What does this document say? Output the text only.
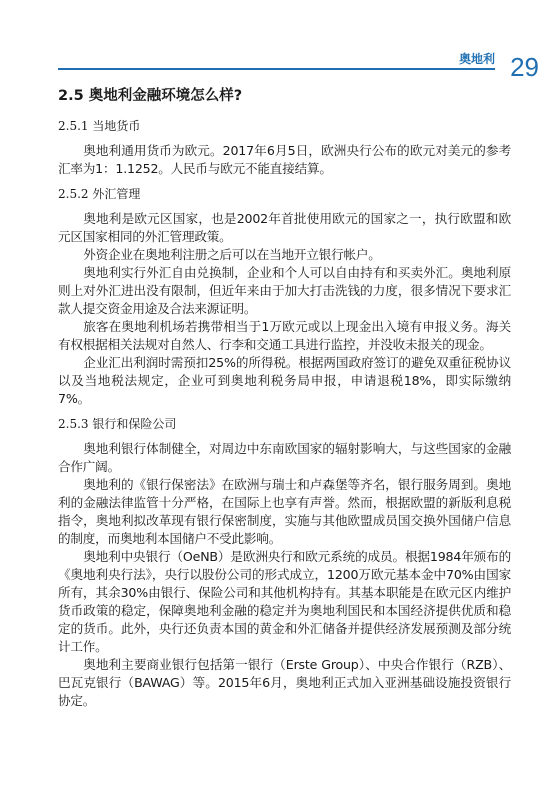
奥地利 29
2.5 奥地利金融环境怎么样?
2.5.1 当地货币

奥地利通用货币为欧元。2017年6月5日，欧洲央行公布的欧元对美元的参考汇率为1：1.1252。人民币与欧元不能直接结算。

2.5.2 外汇管理

奥地利是欧元区国家，也是2002年首批使用欧元的国家之一，执行欧盟和欧元区国家相同的外汇管理政策。

外资企业在奥地利注册之后可以在当地开立银行帐户。

奥地利实行外汇自由兑换制，企业和个人可以自由持有和买卖外汇。奥地利原则上对外汇进出没有限制，但近年来由于加大打击洗钱的力度，很多情况下要求汇款人提交资金用途及合法来源证明。

旅客在奥地利机场若携带相当于1万欧元或以上现金出入境有申报义务。海关有权根据相关法规对自然人、行李和交通工具进行监控，并没收未报关的现金。

企业汇出利润时需预扣25%的所得税。根据两国政府签订的避免双重征税协议以及当地税法规定，企业可到奥地利税务局申报，申请退税18%，即实际缴纳7%。

2.5.3 银行和保险公司

奥地利银行体制健全，对周边中东南欧国家的辐射影响大，与这些国家的金融合作广阔。

奥地利的《银行保密法》在欧洲与瑞士和卢森堡等齐名，银行服务周到。奥地利的金融法律监管十分严格，在国际上也享有声誉。然而，根据欧盟的新版利息税指令，奥地利拟改革现有银行保密制度，实施与其他欧盟成员国交换外国储户信息的制度，而奥地利本国储户不受此影响。

奥地利中央银行（OeNB）是欧洲央行和欧元系统的成员。根据1984年颁布的《奥地利央行法》，央行以股份公司的形式成立，1200万欧元基本金中70%由国家所有，其余30%由银行、保险公司和其他机构持有。其基本职能是在欧元区内维护货币政策的稳定，保障奥地利金融的稳定并为奥地利国民和本国经济提供优质和稳定的货币。此外，央行还负责本国的黄金和外汇储备并提供经济发展预测及部分统计工作。

奥地利主要商业银行包括第一银行（Erste Group）、中央合作银行（RZB）、巴瓦克银行（BAWAG）等。2015年6月，奥地利正式加入亚洲基础设施投资银行协定。
